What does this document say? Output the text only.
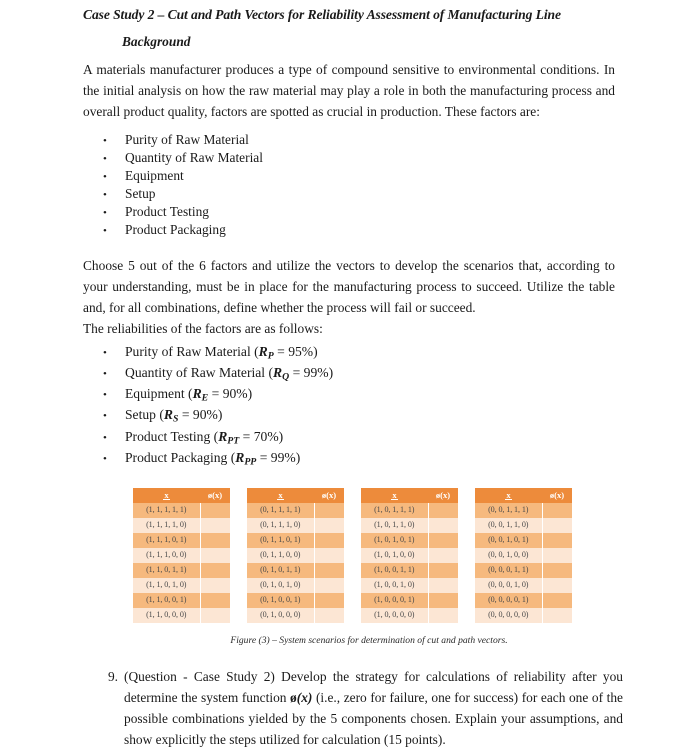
Case Study 2 – Cut and Path Vectors for Reliability Assessment of Manufacturing Line
Background

A materials manufacturer produces a type of compound sensitive to environmental conditions. In the initial analysis on how the raw material may play a role in both the manufacturing process and overall product quality, factors are spotted as crucial in production. These factors are:

• Purity of Raw Material
• Quantity of Raw Material
• Equipment
• Setup
• Product Testing
• Product Packaging

Choose 5 out of the 6 factors and utilize the vectors to develop the scenarios that, according to your understanding, must be in place for the manufacturing process to succeed. Utilize the table and, for all combinations, define whether the process will fail or succeed.

The reliabilities of the factors are as follows:

• Purity of Raw Material (RP = 95%)
• Quantity of Raw Material (RQ = 99%)
• Equipment (RE = 90%)
• Setup (RS = 90%)
• Product Testing (RPT = 70%)
• Product Packaging (RPP = 99%)
x	ø(x)
(1, 1, 1, 1, 1)	
(1, 1, 1, 1, 0)	
(1, 1, 1, 0, 1)	
(1, 1, 1, 0, 0)	
(1, 1, 0, 1, 1)	
(1, 1, 0, 1, 0)	
(1, 1, 0, 0, 1)	
(1, 1, 0, 0, 0)	
x	ø(x)
(0, 1, 1, 1, 1)	
(0, 1, 1, 1, 0)	
(0, 1, 1, 0, 1)	
(0, 1, 1, 0, 0)	
(0, 1, 0, 1, 1)	
(0, 1, 0, 1, 0)	
(0, 1, 0, 0, 1)	
(0, 1, 0, 0, 0)	
x	ø(x)
(1, 0, 1, 1, 1)	
(1, 0, 1, 1, 0)	
(1, 0, 1, 0, 1)	
(1, 0, 1, 0, 0)	
(1, 0, 0, 1, 1)	
(1, 0, 0, 1, 0)	
(1, 0, 0, 0, 1)	
(1, 0, 0, 0, 0)	
x	ø(x)
(0, 0, 1, 1, 1)	
(0, 0, 1, 1, 0)	
(0, 0, 1, 0, 1)	
(0, 0, 1, 0, 0)	
(0, 0, 0, 1, 1)	
(0, 0, 0, 1, 0)	
(0, 0, 0, 0, 1)	
(0, 0, 0, 0, 0)	
Figure (3) – System scenarios for determination of cut and path vectors.
9. (Question - Case Study 2) Develop the strategy for calculations of reliability after you determine the system function ø(x) (i.e., zero for failure, one for success) for each one of the possible combinations yielded by the 5 components chosen. Explain your assumptions, and show explicitly the steps utilized for calculation (15 points).
